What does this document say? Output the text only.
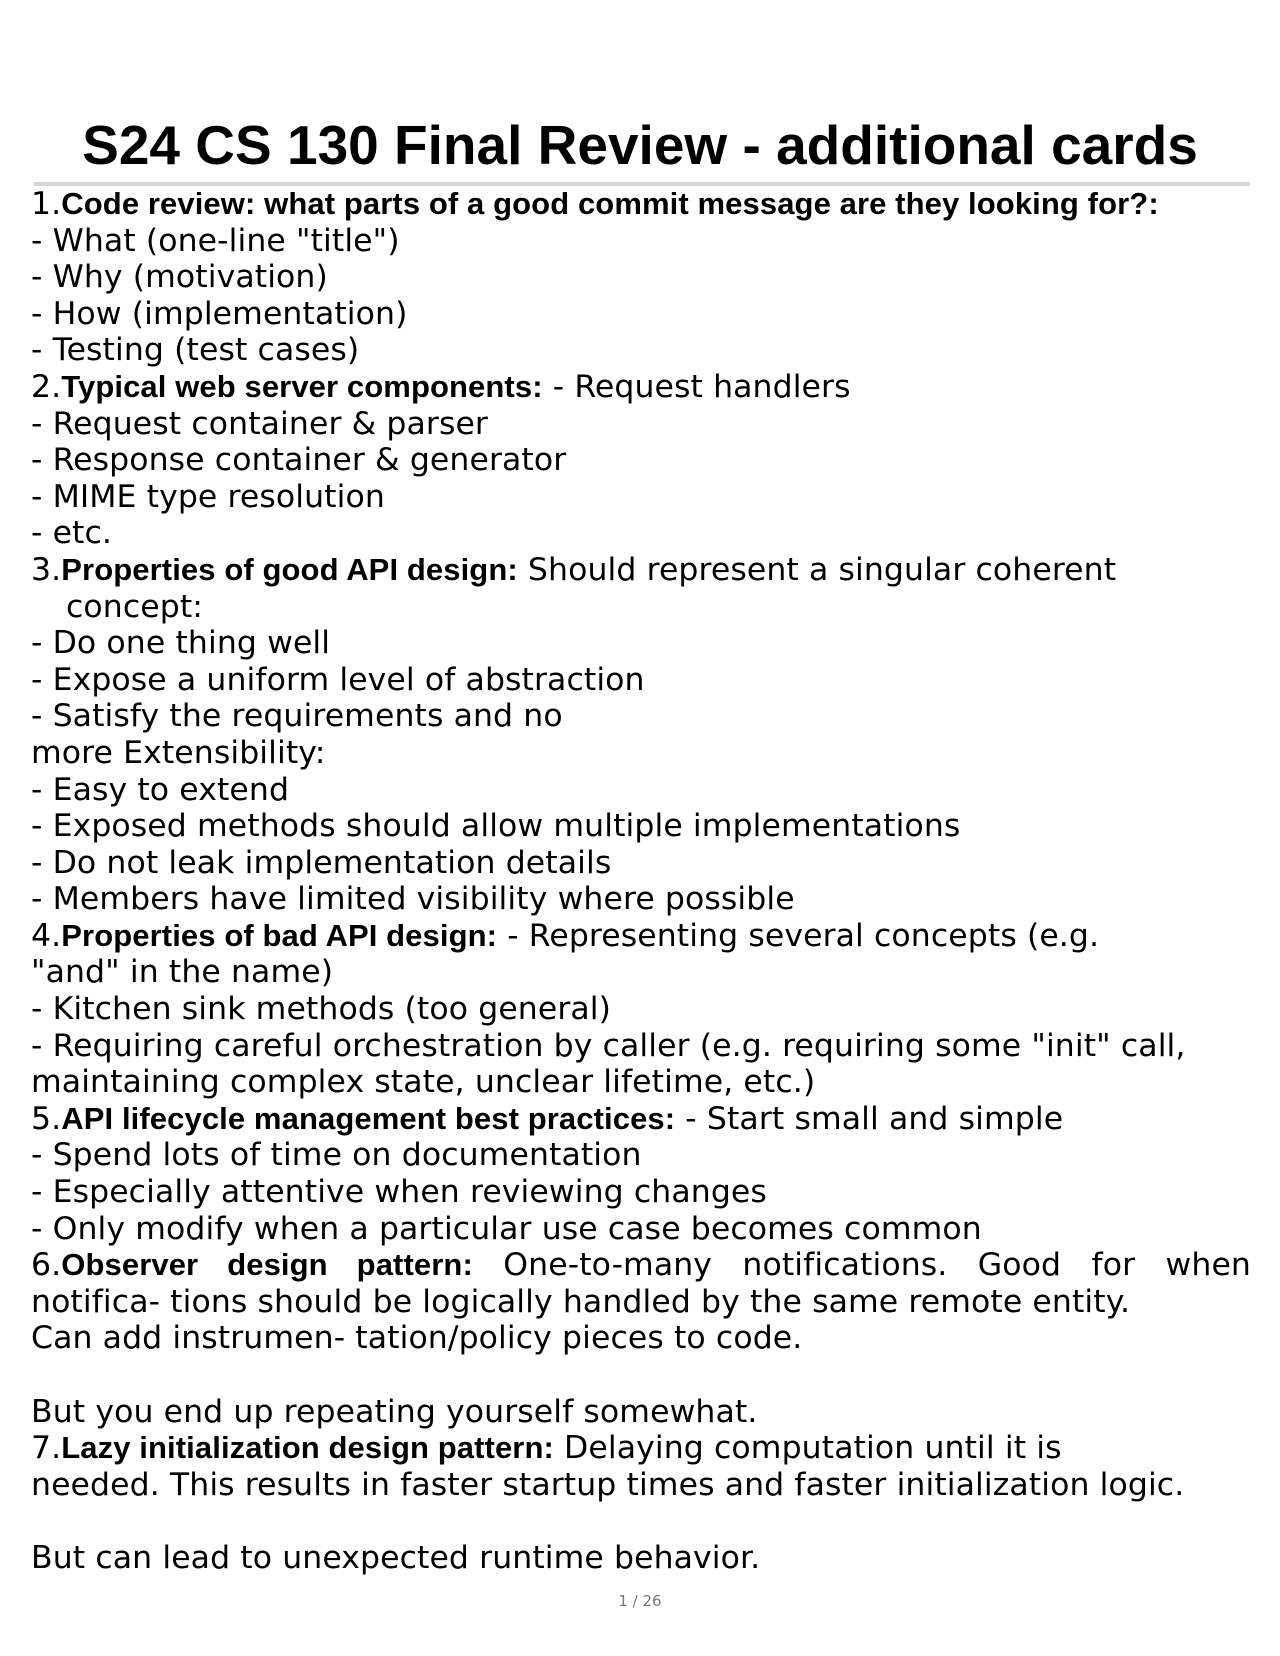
S24 CS 130 Final Review - additional cards
1.Code review: what parts of a good commit message are they looking for?:
- What (one-line "title")
- Why (motivation)
- How (implementation)
- Testing (test cases)
2.Typical web server components: - Request handlers
- Request container & parser
- Response container & generator
- MIME type resolution
- etc.
3.Properties of good API design: Should represent a singular coherent
concept:
- Do one thing well
- Expose a uniform level of abstraction
- Satisfy the requirements and no
more Extensibility:
- Easy to extend
- Exposed methods should allow multiple implementations
- Do not leak implementation details
- Members have limited visibility where possible
4.Properties of bad API design: - Representing several concepts (e.g.
"and" in the name)
- Kitchen sink methods (too general)
- Requiring careful orchestration by caller (e.g. requiring some "init" call,
maintaining complex state, unclear lifetime, etc.)
5.API lifecycle management best practices: - Start small and simple
- Spend lots of time on documentation
- Especially attentive when reviewing changes
- Only modify when a particular use case becomes common
6.Observer design pattern: One-to-many notifications. Good for when
notifica- tions should be logically handled by the same remote entity.
Can add instrumen- tation/policy pieces to code.
But you end up repeating yourself somewhat.
7.Lazy initialization design pattern: Delaying computation until it is
needed. This results in faster startup times and faster initialization logic.
But can lead to unexpected runtime behavior.
1 / 26
